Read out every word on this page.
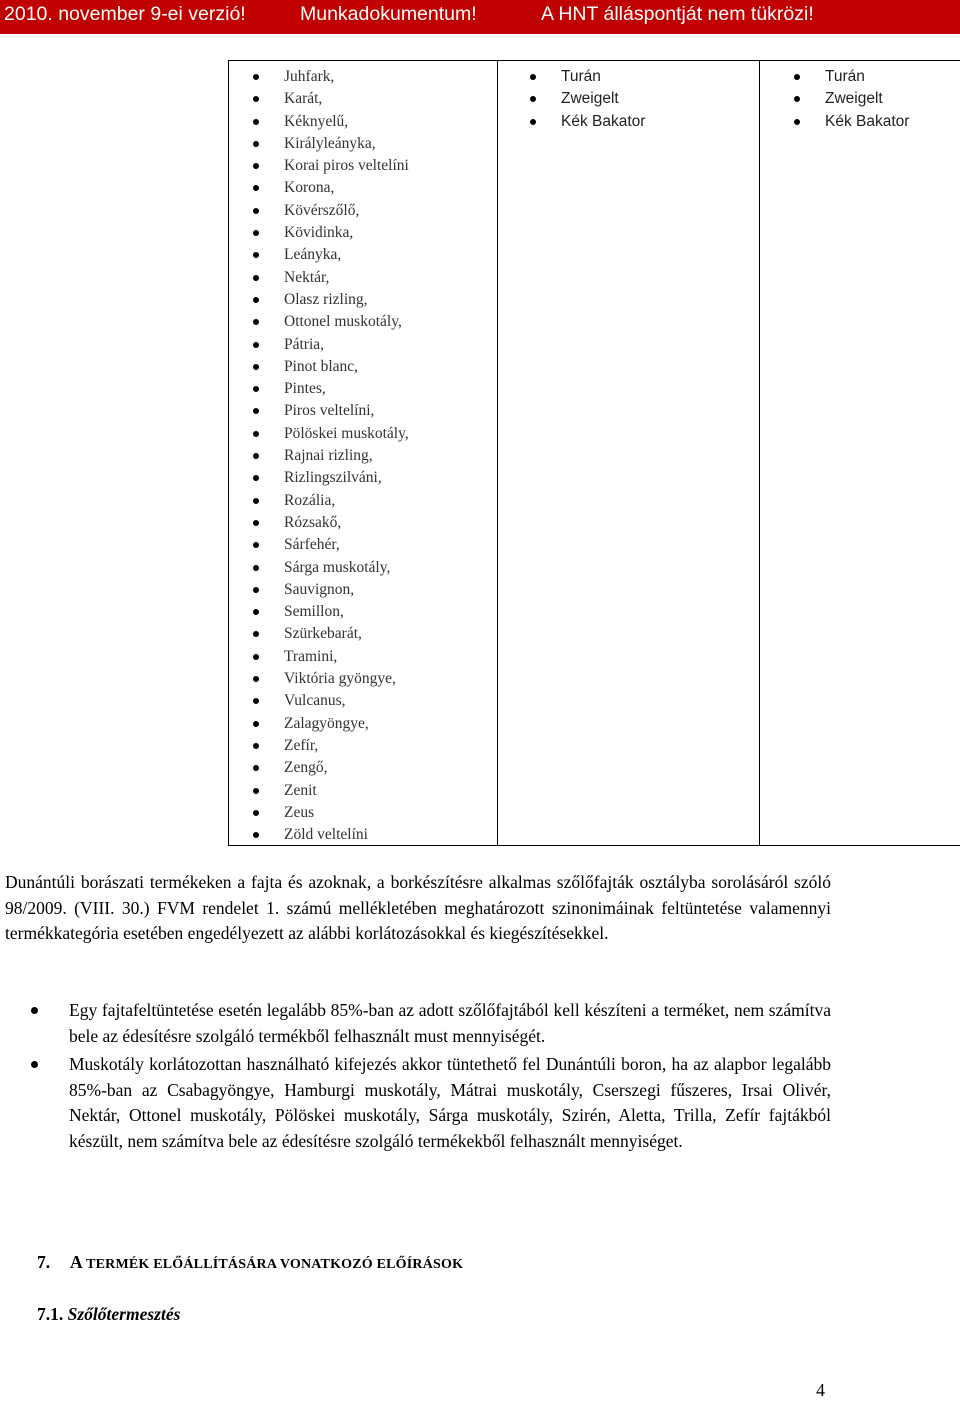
2010. november 9-ei verzió!	Munkadokumentum!	A HNT álláspontját nem tükrözi!
Juhfark,
Karát,
Kéknyelű,
Királyleányka,
Korai piros veltelíni
Korona,
Kövérszőlő,
Kövidinka,
Leányka,
Nektár,
Olasz rizling,
Ottonel muskotály,
Pátria,
Pinot blanc,
Pintes,
Piros veltelíni,
Pölöskei muskotály,
Rajnai rizling,
Rizlingszilváni,
Rozália,
Rózsakő,
Sárfehér,
Sárga muskotály,
Sauvignon,
Semillon,
Szürkebarát,
Tramini,
Viktória gyöngye,
Vulcanus,
Zalagyöngye,
Zefír,
Zengő,
Zenit
Zeus
Zöld veltelíni
Turán
Zweigelt
Kék Bakator
Turán
Zweigelt
Kék Bakator

Dunántúli borászati termékeken a fajta és azoknak, a borkészítésre alkalmas szőlőfajták osztályba sorolásáról szóló 98/2009. (VIII. 30.) FVM rendelet 1. számú mellékletében meghatározott szinonimáinak feltüntetése valamennyi termékkategória esetében engedélyezett az alábbi korlátozásokkal és kiegészítésekkel.

Egy fajtafeltüntetése esetén legalább 85%-ban az adott szőlőfajtából kell készíteni a terméket, nem számítva bele az édesítésre szolgáló termékből felhasznált must mennyiségét.
Muskotály korlátozottan használható kifejezés akkor tüntethető fel Dunántúli boron, ha az alapbor legalább 85%-ban az Csabagyöngye, Hamburgi muskotály, Mátrai muskotály, Cserszegi fűszeres, Irsai Olivér, Nektár, Ottonel muskotály, Pölöskei muskotály, Sárga muskotály, Szirén, Aletta, Trilla, Zefír fajtákból készült, nem számítva bele az édesítésre szolgáló termékekből felhasznált mennyiséget.
7. A TERMÉK ELŐÁLLÍTÁSÁRA VONATKOZÓ ELŐÍRÁSOK
7.1. Szőlőtermesztés
4
